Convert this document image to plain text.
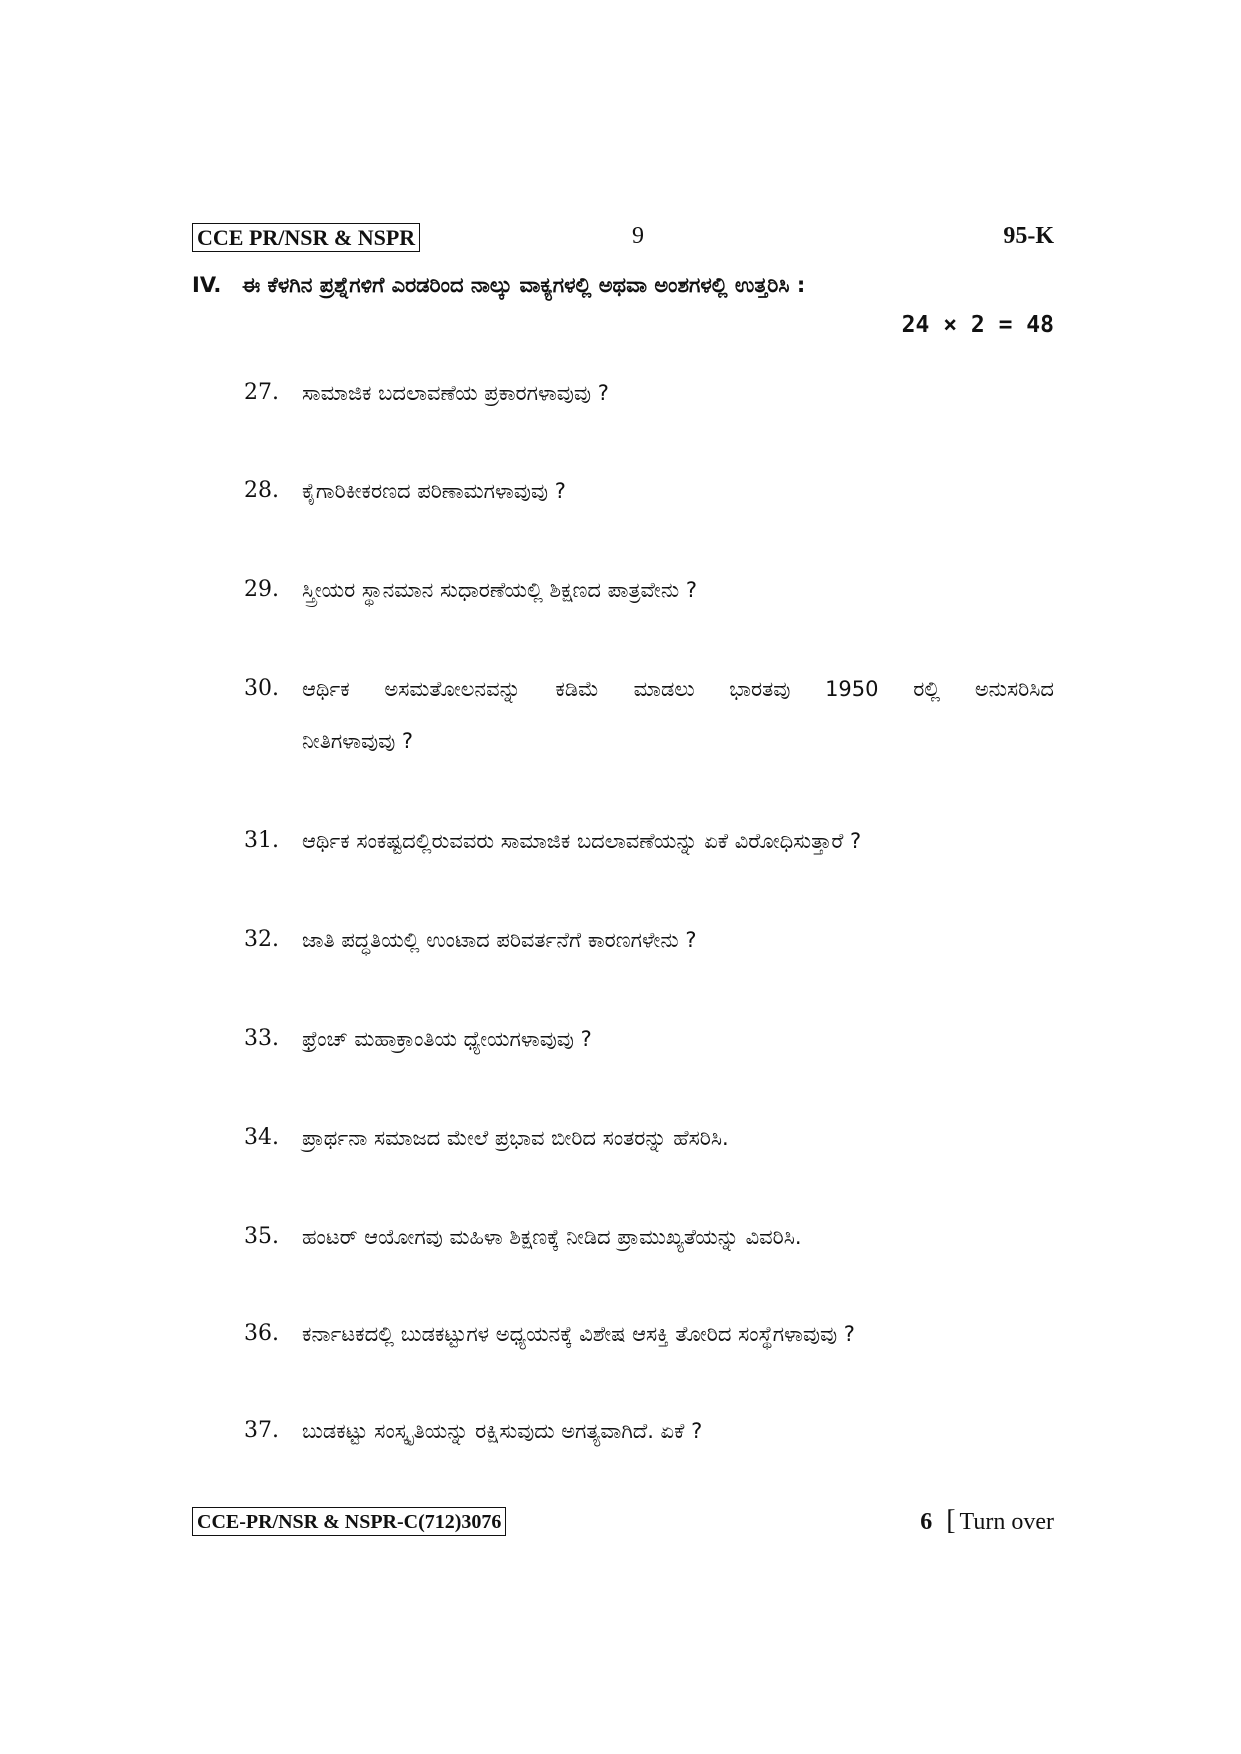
CCE PR/NSR & NSPR	9	95-K
IV. ಈ ಕೆಳಗಿನ ಪ್ರಶ್ನೆಗಳಿಗೆ ಎರಡರಿಂದ ನಾಲ್ಕು ವಾಕ್ಯಗಳಲ್ಲಿ ಅಥವಾ ಅಂಶಗಳಲ್ಲಿ ಉತ್ತರಿಸಿ :
24 × 2 = 48
27. ಸಾಮಾಜಿಕ ಬದಲಾವಣೆಯ ಪ್ರಕಾರಗಳಾವುವು ?
28. ಕೈಗಾರಿಕೀಕರಣದ ಪರಿಣಾಮಗಳಾವುವು ?
29. ಸ್ತ್ರೀಯರ ಸ್ಥಾನಮಾನ ಸುಧಾರಣೆಯಲ್ಲಿ ಶಿಕ್ಷಣದ ಪಾತ್ರವೇನು ?
30. ಆರ್ಥಿಕ ಅಸಮತೋಲನವನ್ನು ಕಡಿಮೆ ಮಾಡಲು ಭಾರತವು 1950 ರಲ್ಲಿ ಅನುಸರಿಸಿದ
ನೀತಿಗಳಾವುವು ?
31. ಆರ್ಥಿಕ ಸಂಕಷ್ಟದಲ್ಲಿರುವವರು ಸಾಮಾಜಿಕ ಬದಲಾವಣೆಯನ್ನು ಏಕೆ ವಿರೋಧಿಸುತ್ತಾರೆ ?
32. ಜಾತಿ ಪದ್ಧತಿಯಲ್ಲಿ ಉಂಟಾದ ಪರಿವರ್ತನೆಗೆ ಕಾರಣಗಳೇನು ?
33. ಫ್ರೆಂಚ್ ಮಹಾಕ್ರಾಂತಿಯ ಧ್ಯೇಯಗಳಾವುವು ?
34. ಪ್ರಾರ್ಥನಾ ಸಮಾಜದ ಮೇಲೆ ಪ್ರಭಾವ ಬೀರಿದ ಸಂತರನ್ನು ಹೆಸರಿಸಿ.
35. ಹಂಟರ್ ಆಯೋಗವು ಮಹಿಳಾ ಶಿಕ್ಷಣಕ್ಕೆ ನೀಡಿದ ಪ್ರಾಮುಖ್ಯತೆಯನ್ನು ವಿವರಿಸಿ.
36. ಕರ್ನಾಟಕದಲ್ಲಿ ಬುಡಕಟ್ಟುಗಳ ಅಧ್ಯಯನಕ್ಕೆ ವಿಶೇಷ ಆಸಕ್ತಿ ತೋರಿದ ಸಂಸ್ಥೆಗಳಾವುವು ?
37. ಬುಡಕಟ್ಟು ಸಂಸ್ಕೃತಿಯನ್ನು ರಕ್ಷಿಸುವುದು ಅಗತ್ಯವಾಗಿದೆ. ಏಕೆ ?
CCE-PR/NSR & NSPR-C(712)3076	6 [ Turn over
